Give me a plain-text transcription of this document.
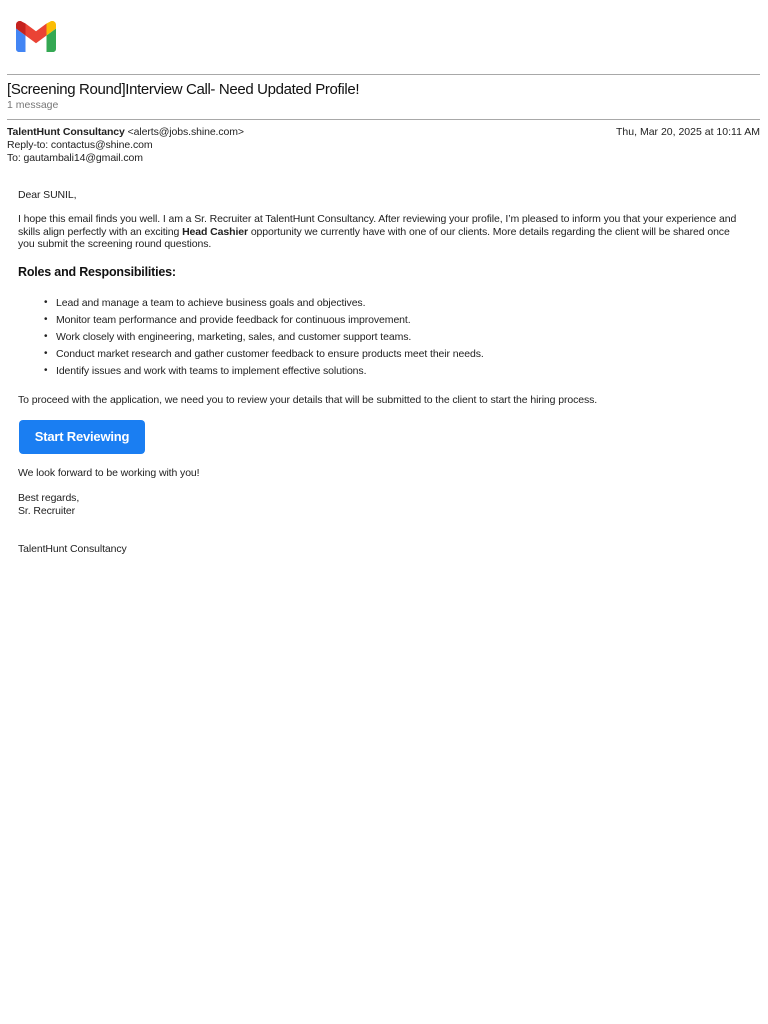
[Screening Round]Interview Call- Need Updated Profile!
1 message
TalentHunt Consultancy <alerts@jobs.shine.com>	Thu, Mar 20, 2025 at 10:11 AM
Reply-to: contactus@shine.com
To: gautambali14@gmail.com
Dear SUNIL,
I hope this email finds you well. I am a Sr. Recruiter at TalentHunt Consultancy. After reviewing your profile, I’m pleased to inform you that your experience and skills align perfectly with an exciting Head Cashier opportunity we currently have with one of our clients. More details regarding the client will be shared once you submit the screening round questions.
Roles and Responsibilities:
• Lead and manage a team to achieve business goals and objectives.
• Monitor team performance and provide feedback for continuous improvement.
• Work closely with engineering, marketing, sales, and customer support teams.
• Conduct market research and gather customer feedback to ensure products meet their needs.
• Identify issues and work with teams to implement effective solutions.
To proceed with the application, we need you to review your details that will be submitted to the client to start the hiring process.
Start Reviewing
We look forward to be working with you!
Best regards,
Sr. Recruiter
TalentHunt Consultancy
